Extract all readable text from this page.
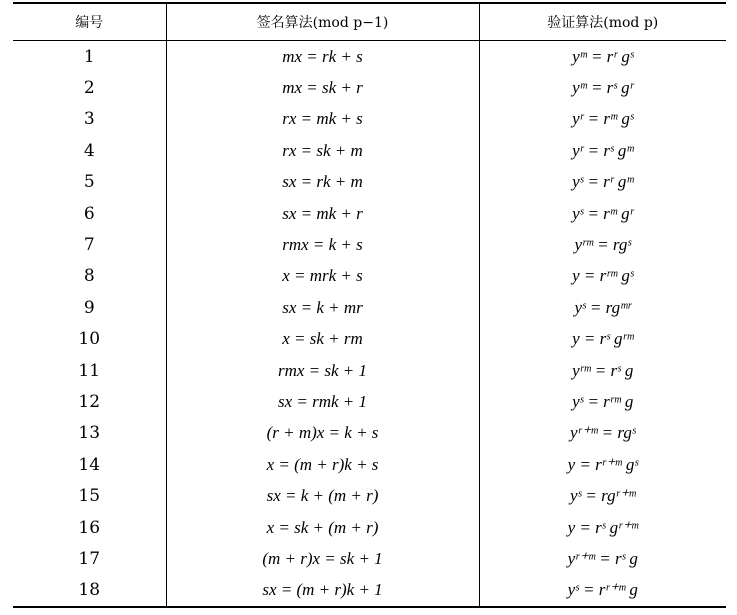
编号	签名算法(mod p−1)	验证算法(mod p)
1	mx = rk + s	yᵐ = rʳ gˢ
2	mx = sk + r	yᵐ = rˢ gʳ
3	rx = mk + s	yʳ = rᵐ gˢ
4	rx = sk + m	yʳ = rˢ gᵐ
5	sx = rk + m	yˢ = rʳ gᵐ
6	sx = mk + r	yˢ = rᵐ gʳ
7	rmx = k + s	yʳᵐ = rgˢ
8	x = mrk + s	y = rʳᵐ gˢ
9	sx = k + mr	yˢ = rgᵐʳ
10	x = sk + rm	y = rˢ gʳᵐ
11	rmx = sk + 1	yʳᵐ = rˢ g
12	sx = rmk + 1	yˢ = rʳᵐ g
13	(r + m)x = k + s	yʳ⁺ᵐ = rgˢ
14	x = (m + r)k + s	y = rʳ⁺ᵐ gˢ
15	sx = k + (m + r)	yˢ = rgʳ⁺ᵐ
16	x = sk + (m + r)	y = rˢ gʳ⁺ᵐ
17	(m + r)x = sk + 1	yʳ⁺ᵐ = rˢ g
18	sx = (m + r)k + 1	yˢ = rʳ⁺ᵐ g
